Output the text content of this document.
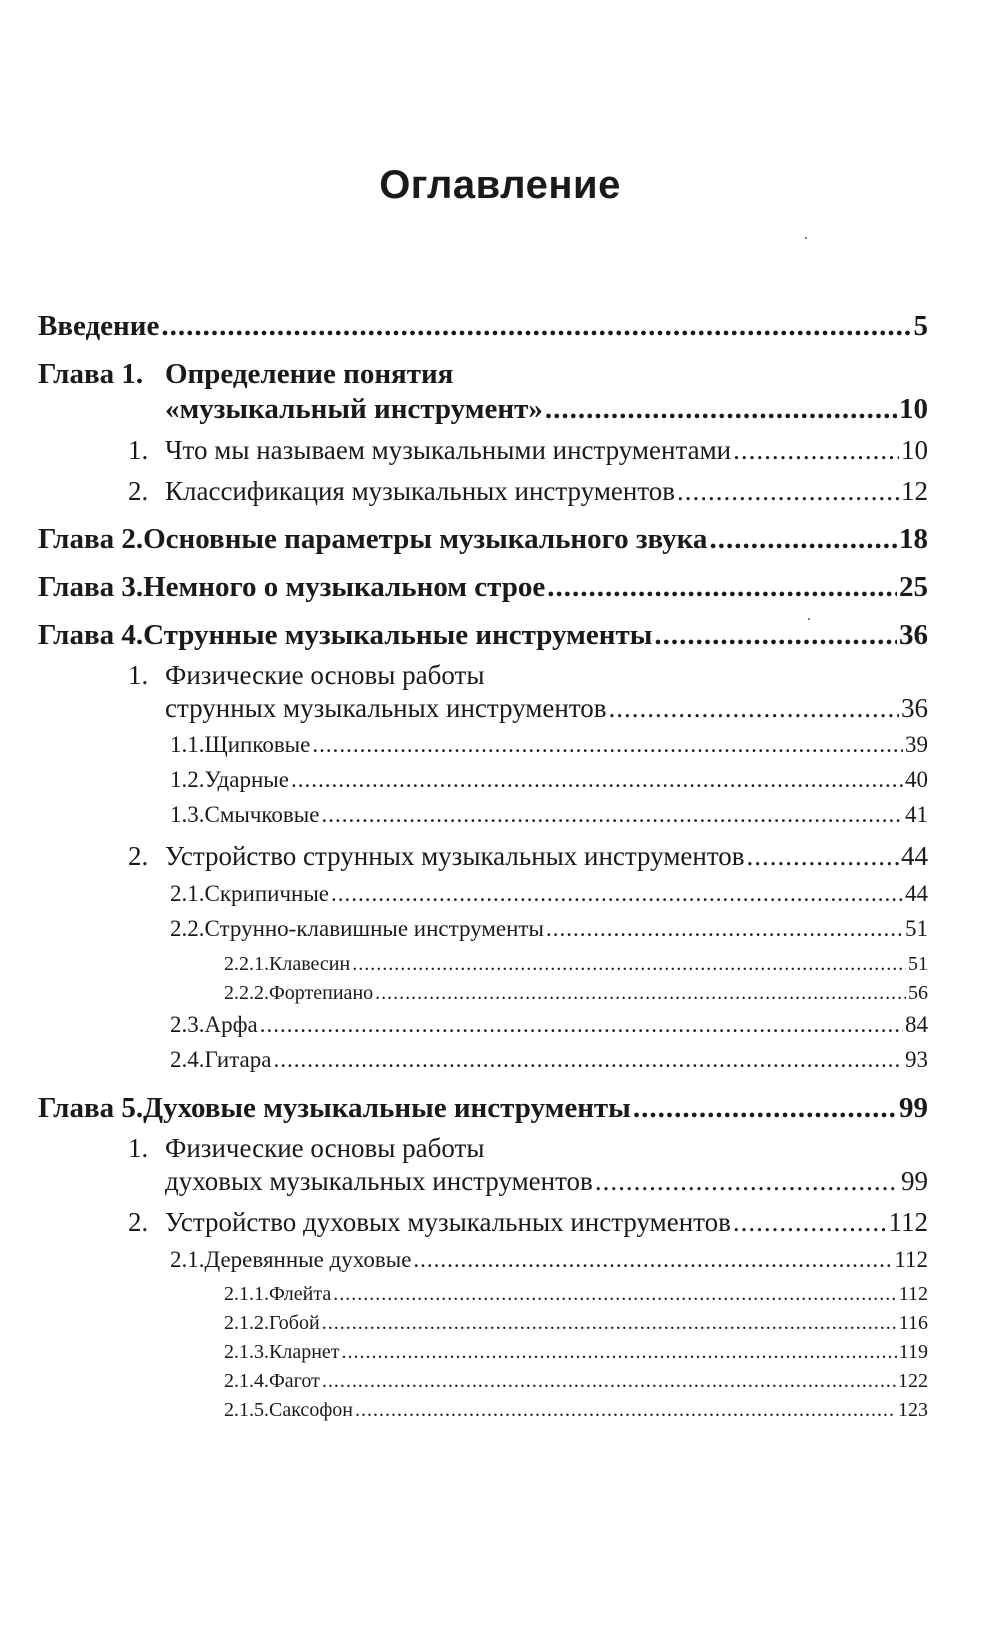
Оглавление
Введение .....	5
Глава 1. Определение понятия
«музыкальный инструмент» .....	10
1. Что мы называем музыкальными инструментами .....	10
2. Классификация музыкальных инструментов .....	12
Глава 2. Основные параметры музыкального звука .....	18
Глава 3. Немного о музыкальном строе .....	25
Глава 4. Струнные музыкальные инструменты .....	36
1. Физические основы работы
струнных музыкальных инструментов .....	36
1.1. Щипковые .....	39
1.2. Ударные .....	40
1.3. Смычковые .....	41
2. Устройство струнных музыкальных инструментов .....	44
2.1. Скрипичные .....	44
2.2. Струнно-клавишные инструменты .....	51
2.2.1. Клавесин .....	51
2.2.2. Фортепиано .....	56
2.3. Арфа .....	84
2.4. Гитара .....	93
Глава 5. Духовые музыкальные инструменты .....	99
1. Физические основы работы
духовых музыкальных инструментов .....	99
2. Устройство духовых музыкальных инструментов .....	112
2.1. Деревянные духовые .....	112
2.1.1. Флейта .....	112
2.1.2. Гобой .....	116
2.1.3. Кларнет .....	119
2.1.4. Фагот .....	122
2.1.5. Саксофон .....	123
